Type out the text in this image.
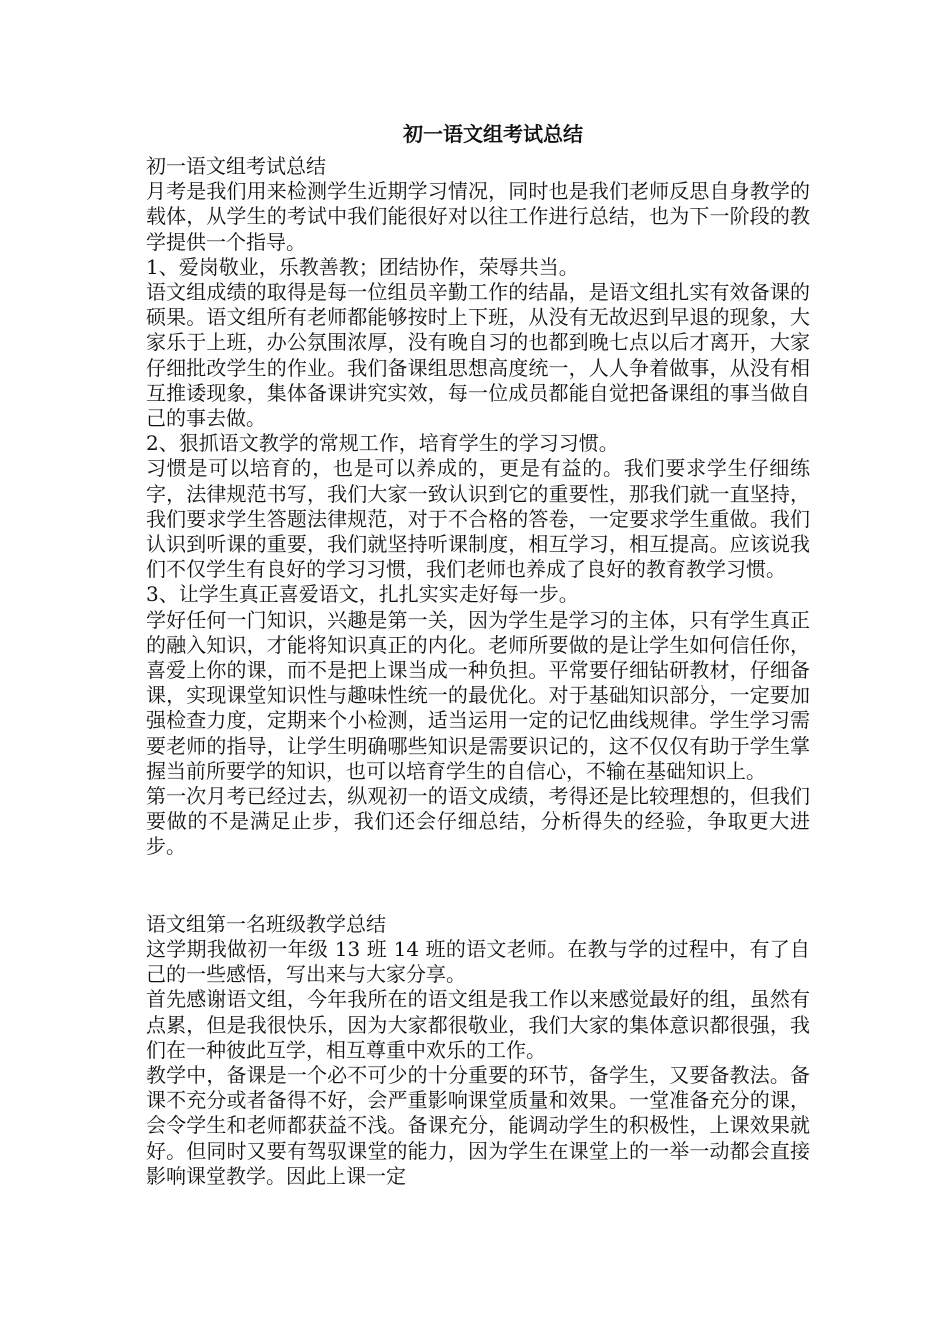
初一语文组考试总结

初一语文组考试总结

月考是我们用来检测学生近期学习情况，同时也是我们老师反思自身教学的载体，从学生的考试中我们能很好对以往工作进行总结，也为下一阶段的教学提供一个指导。

1、爱岗敬业，乐教善教；团结协作，荣辱共当。

语文组成绩的取得是每一位组员辛勤工作的结晶，是语文组扎实有效备课的硕果。语文组所有老师都能够按时上下班，从没有无故迟到早退的现象，大家乐于上班，办公氛围浓厚，没有晚自习的也都到晚七点以后才离开，大家仔细批改学生的作业。我们备课组思想高度统一，人人争着做事，从没有相互推诿现象，集体备课讲究实效，每一位成员都能自觉把备课组的事当做自己的事去做。

2、狠抓语文教学的常规工作，培育学生的学习习惯。

习惯是可以培育的，也是可以养成的，更是有益的。我们要求学生仔细练字，法律规范书写，我们大家一致认识到它的重要性，那我们就一直坚持，我们要求学生答题法律规范，对于不合格的答卷，一定要求学生重做。我们认识到听课的重要，我们就坚持听课制度，相互学习，相互提高。应该说我们不仅学生有良好的学习习惯，我们老师也养成了良好的教育教学习惯。

3、让学生真正喜爱语文，扎扎实实走好每一步。

学好任何一门知识，兴趣是第一关，因为学生是学习的主体，只有学生真正的融入知识，才能将知识真正的内化。老师所要做的是让学生如何信任你，喜爱上你的课，而不是把上课当成一种负担。平常要仔细钻研教材，仔细备课，实现课堂知识性与趣味性统一的最优化。对于基础知识部分，一定要加强检查力度，定期来个小检测，适当运用一定的记忆曲线规律。学生学习需要老师的指导，让学生明确哪些知识是需要识记的，这不仅仅有助于学生掌握当前所要学的知识，也可以培育学生的自信心，不输在基础知识上。

第一次月考已经过去，纵观初一的语文成绩，考得还是比较理想的，但我们要做的不是满足止步，我们还会仔细总结，分析得失的经验，争取更大进步。

语文组第一名班级教学总结

这学期我做初一年级 13 班 14 班的语文老师。在教与学的过程中，有了自己的一些感悟，写出来与大家分享。

首先感谢语文组，今年我所在的语文组是我工作以来感觉最好的组，虽然有点累，但是我很快乐，因为大家都很敬业，我们大家的集体意识都很强，我们在一种彼此互学，相互尊重中欢乐的工作。

教学中，备课是一个必不可少的十分重要的环节，备学生，又要备教法。备课不充分或者备得不好，会严重影响课堂质量和效果。一堂准备充分的课，会令学生和老师都获益不浅。备课充分，能调动学生的积极性，上课效果就好。但同时又要有驾驭课堂的能力，因为学生在课堂上的一举一动都会直接影响课堂教学。因此上课一定
